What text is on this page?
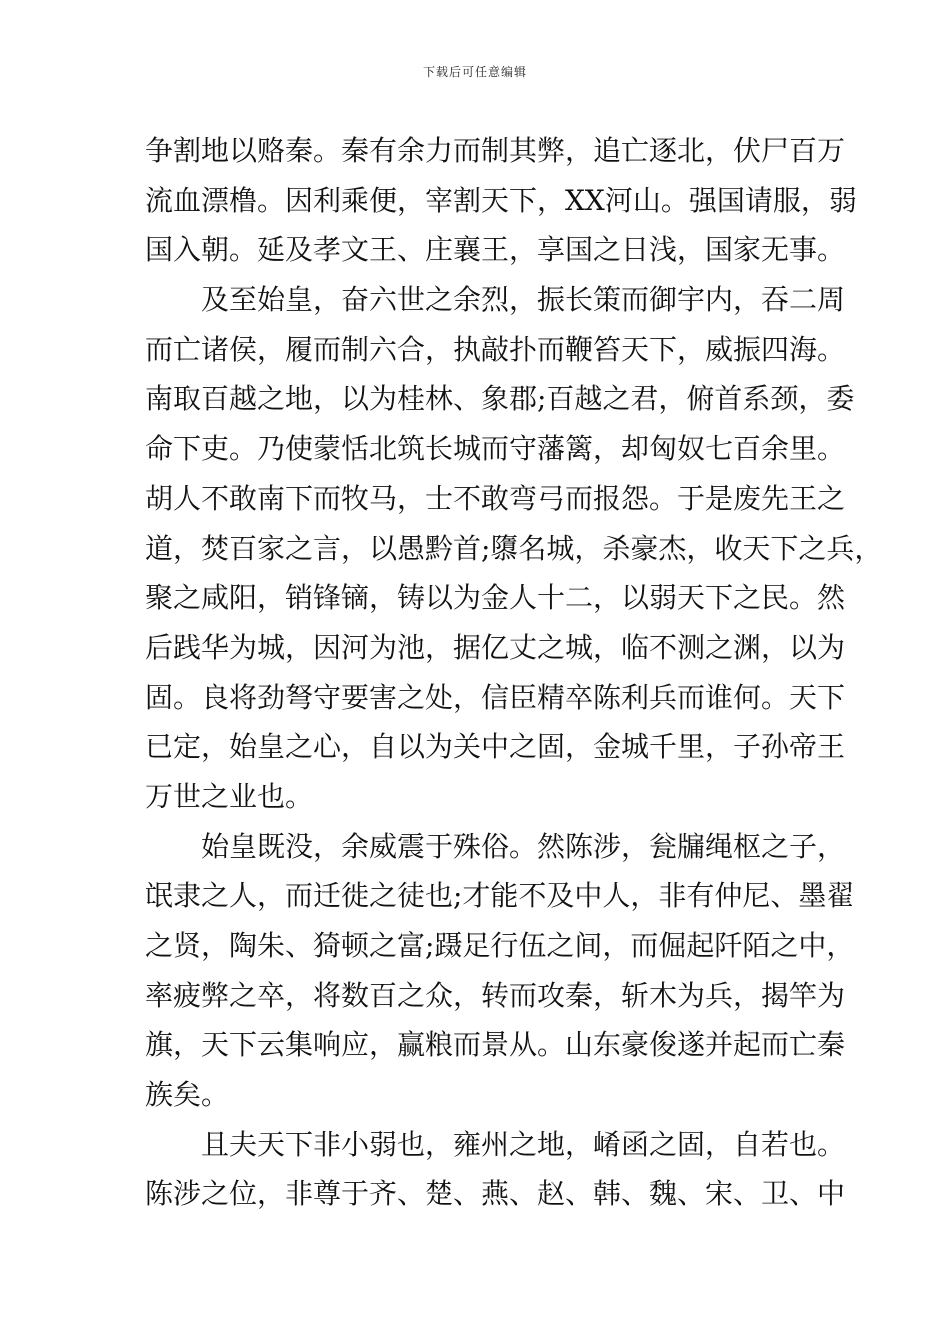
下载后可任意编辑
争割地以赂秦。秦有余力而制其弊，追亡逐北，伏尸百万
流血漂橹。因利乘便，宰割天下，XX河山。强国请服，弱
国入朝。延及孝文王、庄襄王，享国之日浅，国家无事。
及至始皇，奋六世之余烈，振长策而御宇内，吞二周
而亡诸侯，履而制六合，执敲扑而鞭笞天下，威振四海。
南取百越之地，以为桂林、象郡;百越之君，俯首系颈，委
命下吏。乃使蒙恬北筑长城而守藩篱，却匈奴七百余里。
胡人不敢南下而牧马，士不敢弯弓而报怨。于是废先王之
道，焚百家之言，以愚黔首;隳名城，杀豪杰，收天下之兵，
聚之咸阳，销锋镝，铸以为金人十二，以弱天下之民。然
后践华为城，因河为池，据亿丈之城，临不测之渊，以为
固。良将劲弩守要害之处，信臣精卒陈利兵而谁何。天下
已定，始皇之心，自以为关中之固，金城千里，子孙帝王
万世之业也。
始皇既没，余威震于殊俗。然陈涉，瓮牖绳枢之子，
氓隶之人，而迁徙之徒也;才能不及中人，非有仲尼、墨翟
之贤，陶朱、猗顿之富;蹑足行伍之间，而倔起阡陌之中，
率疲弊之卒，将数百之众，转而攻秦，斩木为兵，揭竿为
旗，天下云集响应，赢粮而景从。山东豪俊遂并起而亡秦
族矣。
且夫天下非小弱也，雍州之地，崤函之固，自若也。
陈涉之位，非尊于齐、楚、燕、赵、韩、魏、宋、卫、中
